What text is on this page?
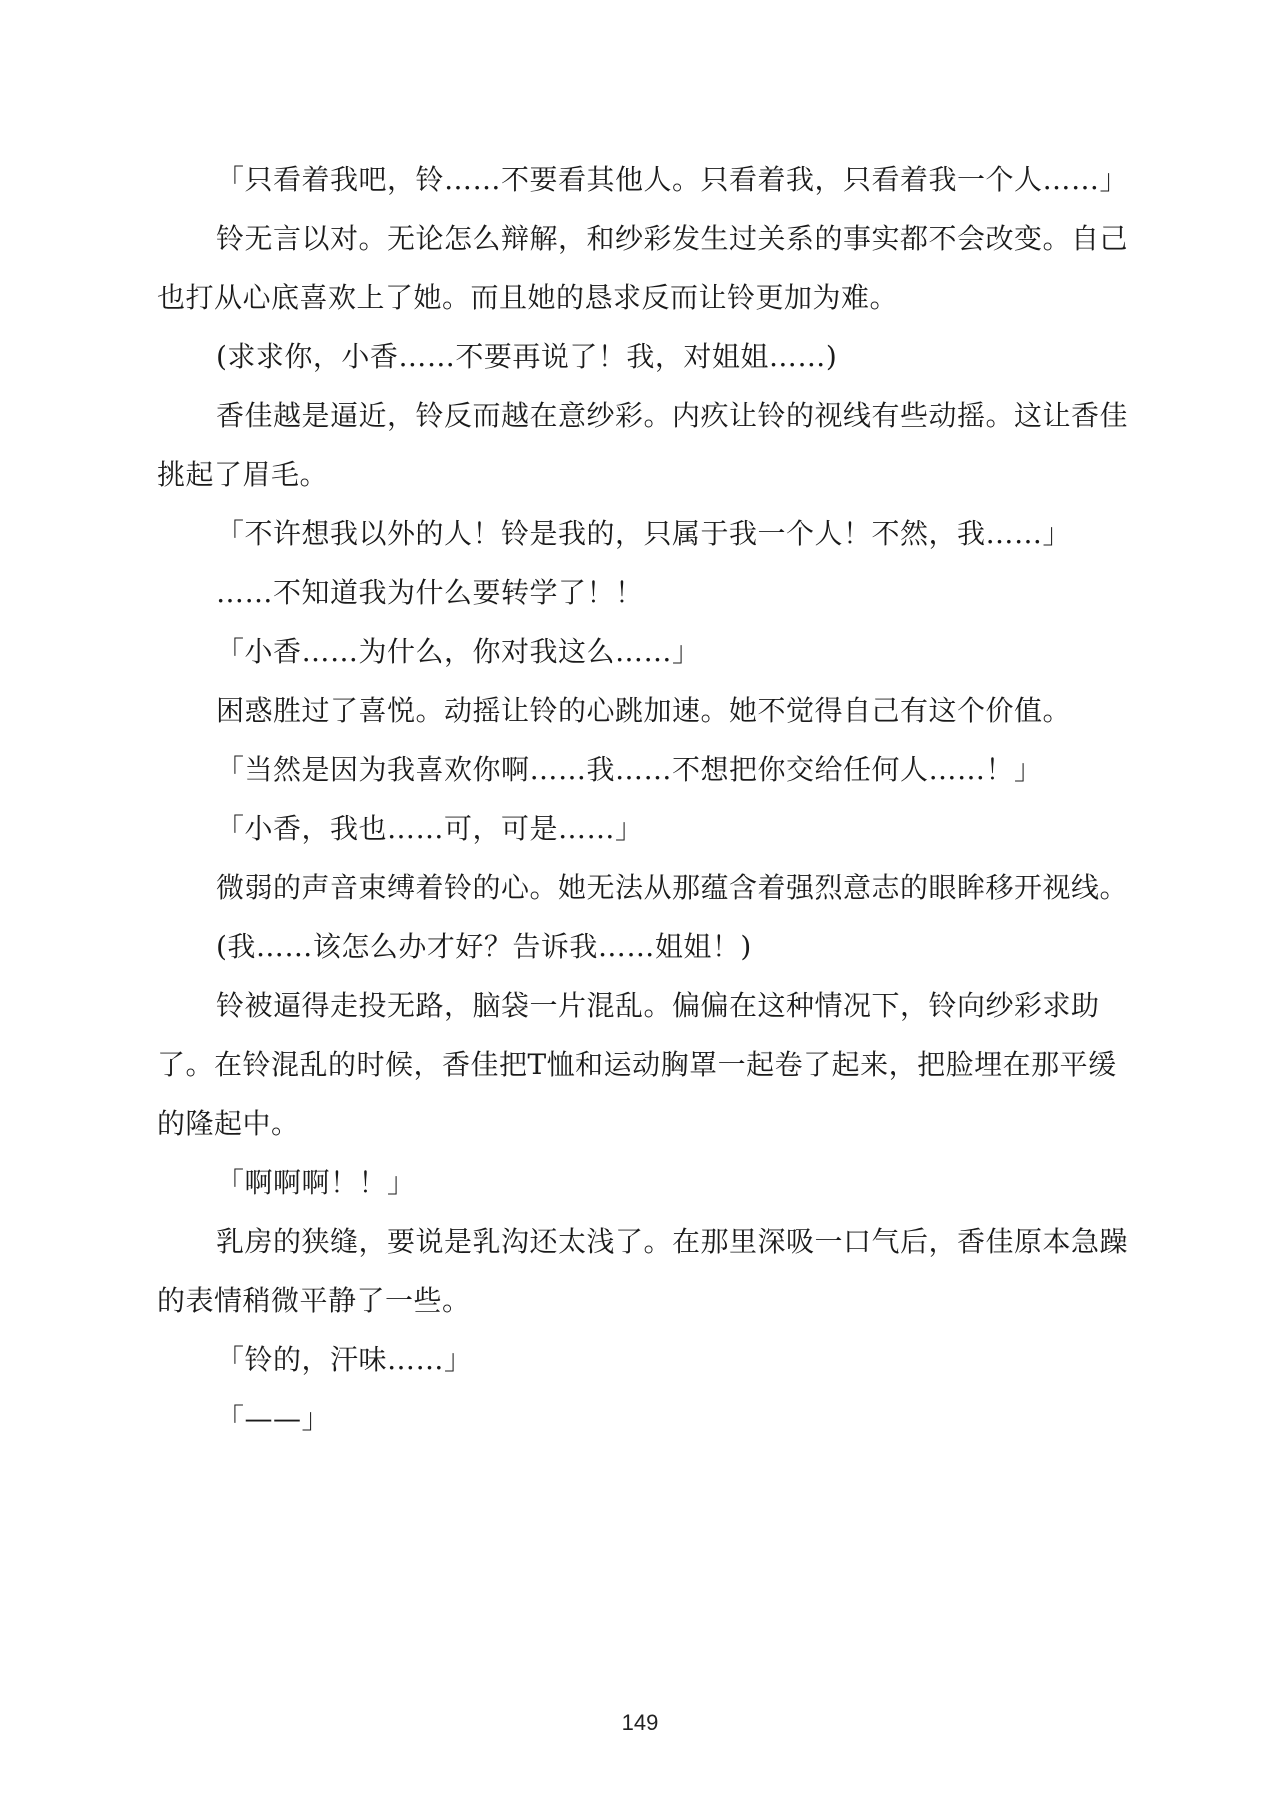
「只看着我吧，铃……不要看其他人。只看着我，只看着我一个人……」

铃无言以对。无论怎么辩解，和纱彩发生过关系的事实都不会改变。自己也打从心底喜欢上了她。而且她的恳求反而让铃更加为难。

(求求你，小香……不要再说了！我，对姐姐……)

香佳越是逼近，铃反而越在意纱彩。内疚让铃的视线有些动摇。这让香佳挑起了眉毛。

「不许想我以外的人！铃是我的，只属于我一个人！不然，我……」

……不知道我为什么要转学了！！

「小香……为什么，你对我这么……」

困惑胜过了喜悦。动摇让铃的心跳加速。她不觉得自己有这个价值。

「当然是因为我喜欢你啊……我……不想把你交给任何人……！」

「小香，我也……可，可是……」

微弱的声音束缚着铃的心。她无法从那蕴含着强烈意志的眼眸移开视线。

(我……该怎么办才好？告诉我……姐姐！)

铃被逼得走投无路，脑袋一片混乱。偏偏在这种情况下，铃向纱彩求助了。在铃混乱的时候，香佳把T恤和运动胸罩一起卷了起来，把脸埋在那平缓的隆起中。

「啊啊啊！！」

乳房的狭缝，要说是乳沟还太浅了。在那里深吸一口气后，香佳原本急躁的表情稍微平静了一些。

「铃的，汗味……」

「——」

149
